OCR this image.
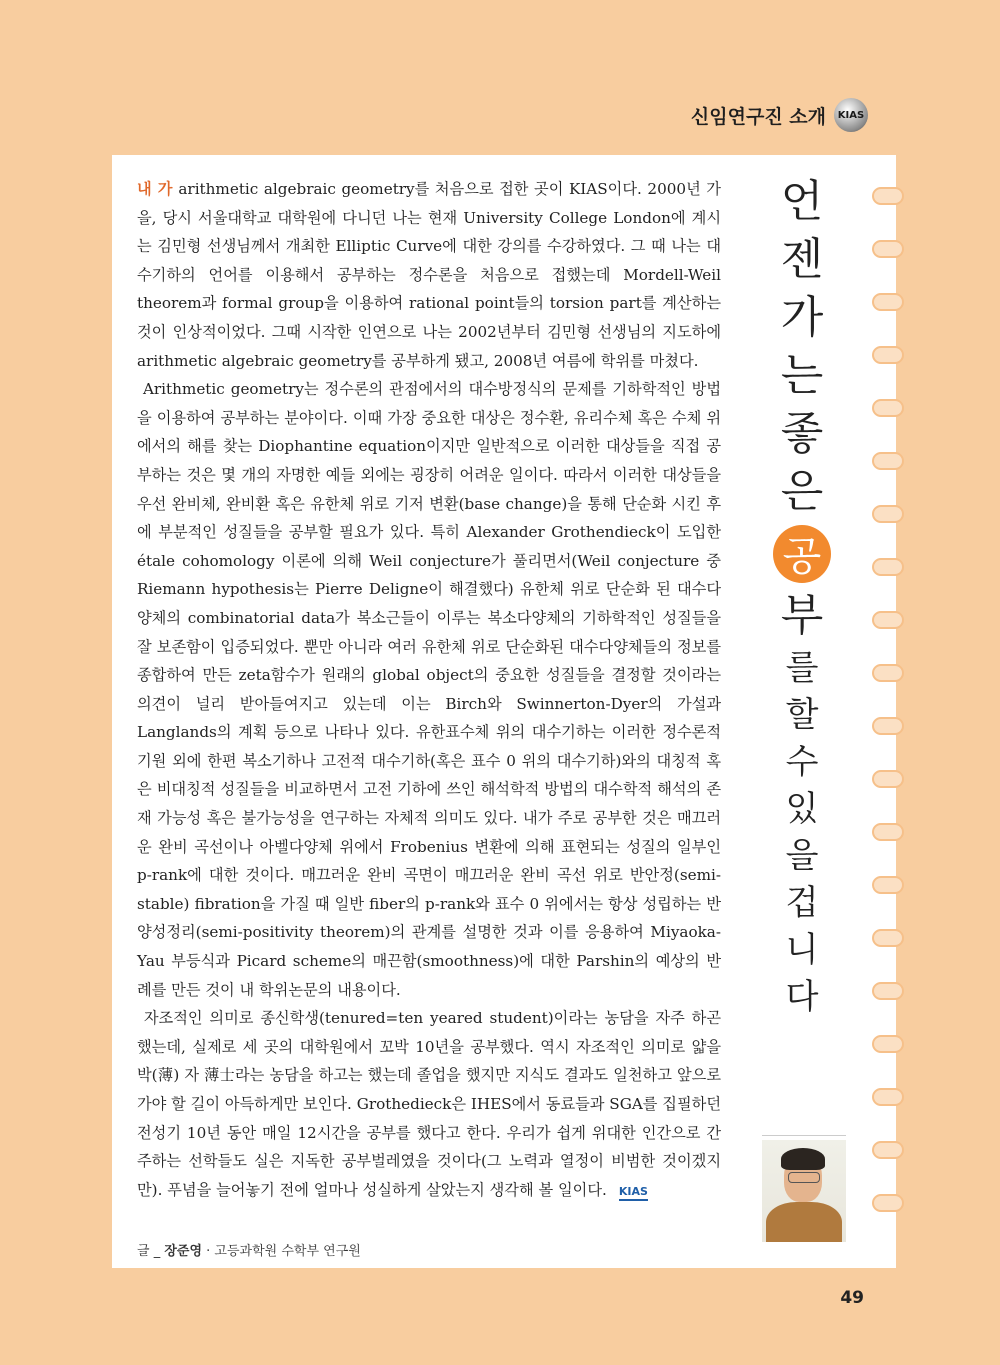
신임연구진 소개	KIAS

내 가 arithmetic algebraic geometry를 처음으로 접한 곳이 KIAS이다. 2000년 가을, 당시 서울대학교 대학원에 다니던 나는 현재 University College London에 계시는 김민형 선생님께서 개최한 Elliptic Curve에 대한 강의를 수강하였다. 그 때 나는 대수기하의 언어를 이용해서 공부하는 정수론을 처음으로 접했는데 Mordell-Weil theorem과 formal group을 이용하여 rational point들의 torsion part를 계산하는 것이 인상적이었다. 그때 시작한 인연으로 나는 2002년부터 김민형 선생님의 지도하에 arithmetic algebraic geometry를 공부하게 됐고, 2008년 여름에 학위를 마쳤다.

Arithmetic geometry는 정수론의 관점에서의 대수방정식의 문제를 기하학적인 방법을 이용하여 공부하는 분야이다. 이때 가장 중요한 대상은 정수환, 유리수체 혹은 수체 위에서의 해를 찾는 Diophantine equation이지만 일반적으로 이러한 대상들을 직접 공부하는 것은 몇 개의 자명한 예들 외에는 굉장히 어려운 일이다. 따라서 이러한 대상들을 우선 완비체, 완비환 혹은 유한체 위로 기저 변환(base change)을 통해 단순화 시킨 후에 부분적인 성질들을 공부할 필요가 있다. 특히 Alexander Grothendieck이 도입한 étale cohomology 이론에 의해 Weil conjecture가 풀리면서(Weil conjecture 중 Riemann hypothesis는 Pierre Deligne이 해결했다) 유한체 위로 단순화 된 대수다양체의 combinatorial data가 복소근들이 이루는 복소다양체의 기하학적인 성질들을 잘 보존함이 입증되었다. 뿐만 아니라 여러 유한체 위로 단순화된 대수다양체들의 정보를 종합하여 만든 zeta함수가 원래의 global object의 중요한 성질들을 결정할 것이라는 의견이 널리 받아들여지고 있는데 이는 Birch와 Swinnerton-Dyer의 가설과 Langlands의 계획 등으로 나타나 있다. 유한표수체 위의 대수기하는 이러한 정수론적 기원 외에 한편 복소기하나 고전적 대수기하(혹은 표수 0 위의 대수기하)와의 대칭적 혹은 비대칭적 성질들을 비교하면서 고전 기하에 쓰인 해석학적 방법의 대수학적 해석의 존재 가능성 혹은 불가능성을 연구하는 자체적 의미도 있다. 내가 주로 공부한 것은 매끄러운 완비 곡선이나 아벨다양체 위에서 Frobenius 변환에 의해 표현되는 성질의 일부인 p-rank에 대한 것이다. 매끄러운 완비 곡면이 매끄러운 완비 곡선 위로 반안정(semi-stable) fibration을 가질 때 일반 fiber의 p-rank와 표수 0 위에서는 항상 성립하는 반양성정리(semi-positivity theorem)의 관계를 설명한 것과 이를 응용하여 Miyaoka-Yau 부등식과 Picard scheme의 매끈함(smoothness)에 대한 Parshin의 예상의 반례를 만든 것이 내 학위논문의 내용이다.

자조적인 의미로 종신학생(tenured=ten yeared student)이라는 농담을 자주 하곤 했는데, 실제로 세 곳의 대학원에서 꼬박 10년을 공부했다. 역시 자조적인 의미로 얇을 박(薄) 자 薄士라는 농담을 하고는 했는데 졸업을 했지만 지식도 결과도 일천하고 앞으로 가야 할 길이 아득하게만 보인다. Grothedieck은 IHES에서 동료들과 SGA를 집필하던 전성기 10년 동안 매일 12시간을 공부를 했다고 한다. 우리가 쉽게 위대한 인간으로 간주하는 선학들도 실은 지독한 공부벌레였을 것이다(그 노력과 열정이 비범한 것이겠지만). 푸념을 늘어놓기 전에 얼마나 성실하게 살았는지 생각해 볼 일이다. KIAS

언
젠
가
는
좋
은
공
부
를
할
수
있
을
겁
니
다
글 _ 장준영 · 고등과학원 수학부 연구원
49
